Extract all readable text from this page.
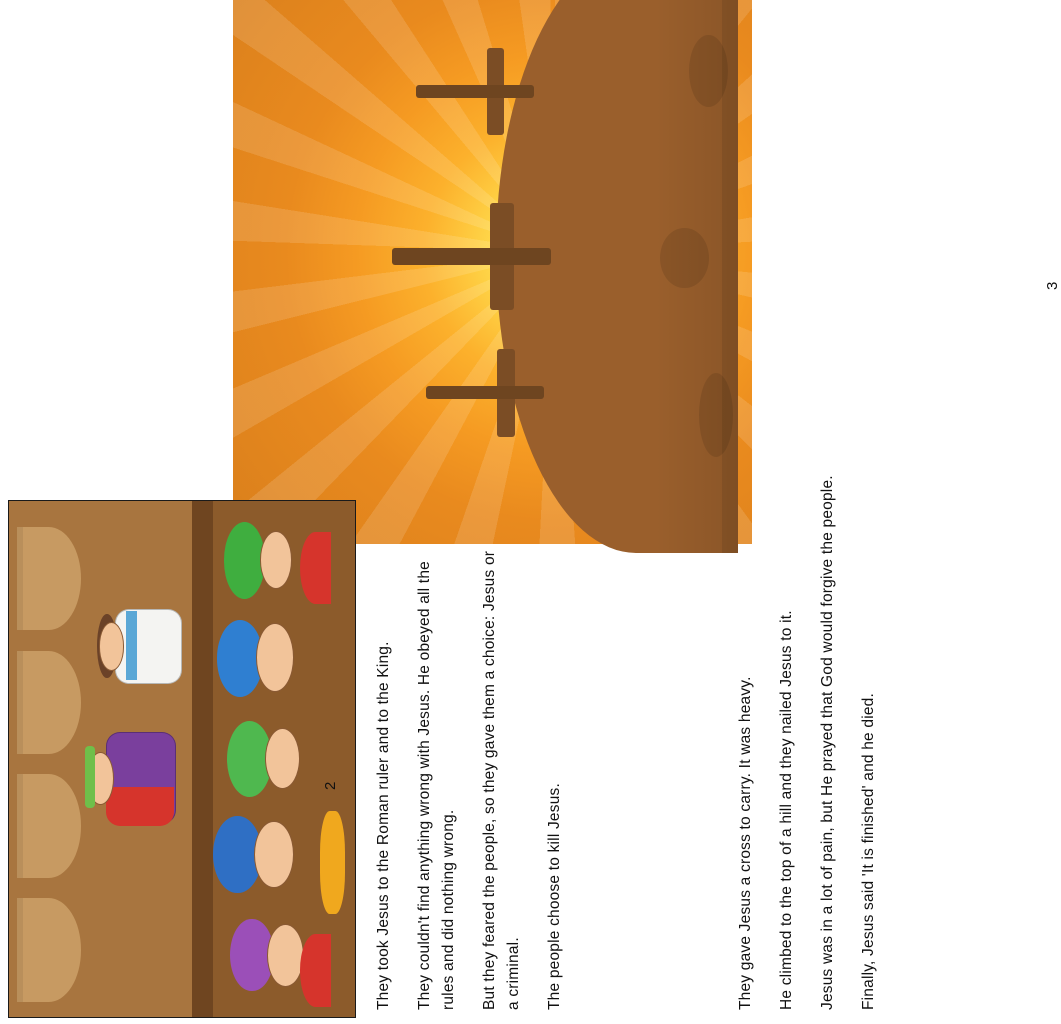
They gave Jesus a cross to carry. It was heavy. He climbed to the top of a hill and they nailed Jesus to it. Jesus was in a lot of pain, but He prayed that God would forgive the people. Finally, Jesus said 'It is finished' and he died.

3

They took Jesus to the Roman ruler and to the King. They couldn't find anything wrong with Jesus. He obeyed all the rules and did nothing wrong. But they feared the people, so they gave them a choice: Jesus or a criminal. The people choose to kill Jesus.

2
